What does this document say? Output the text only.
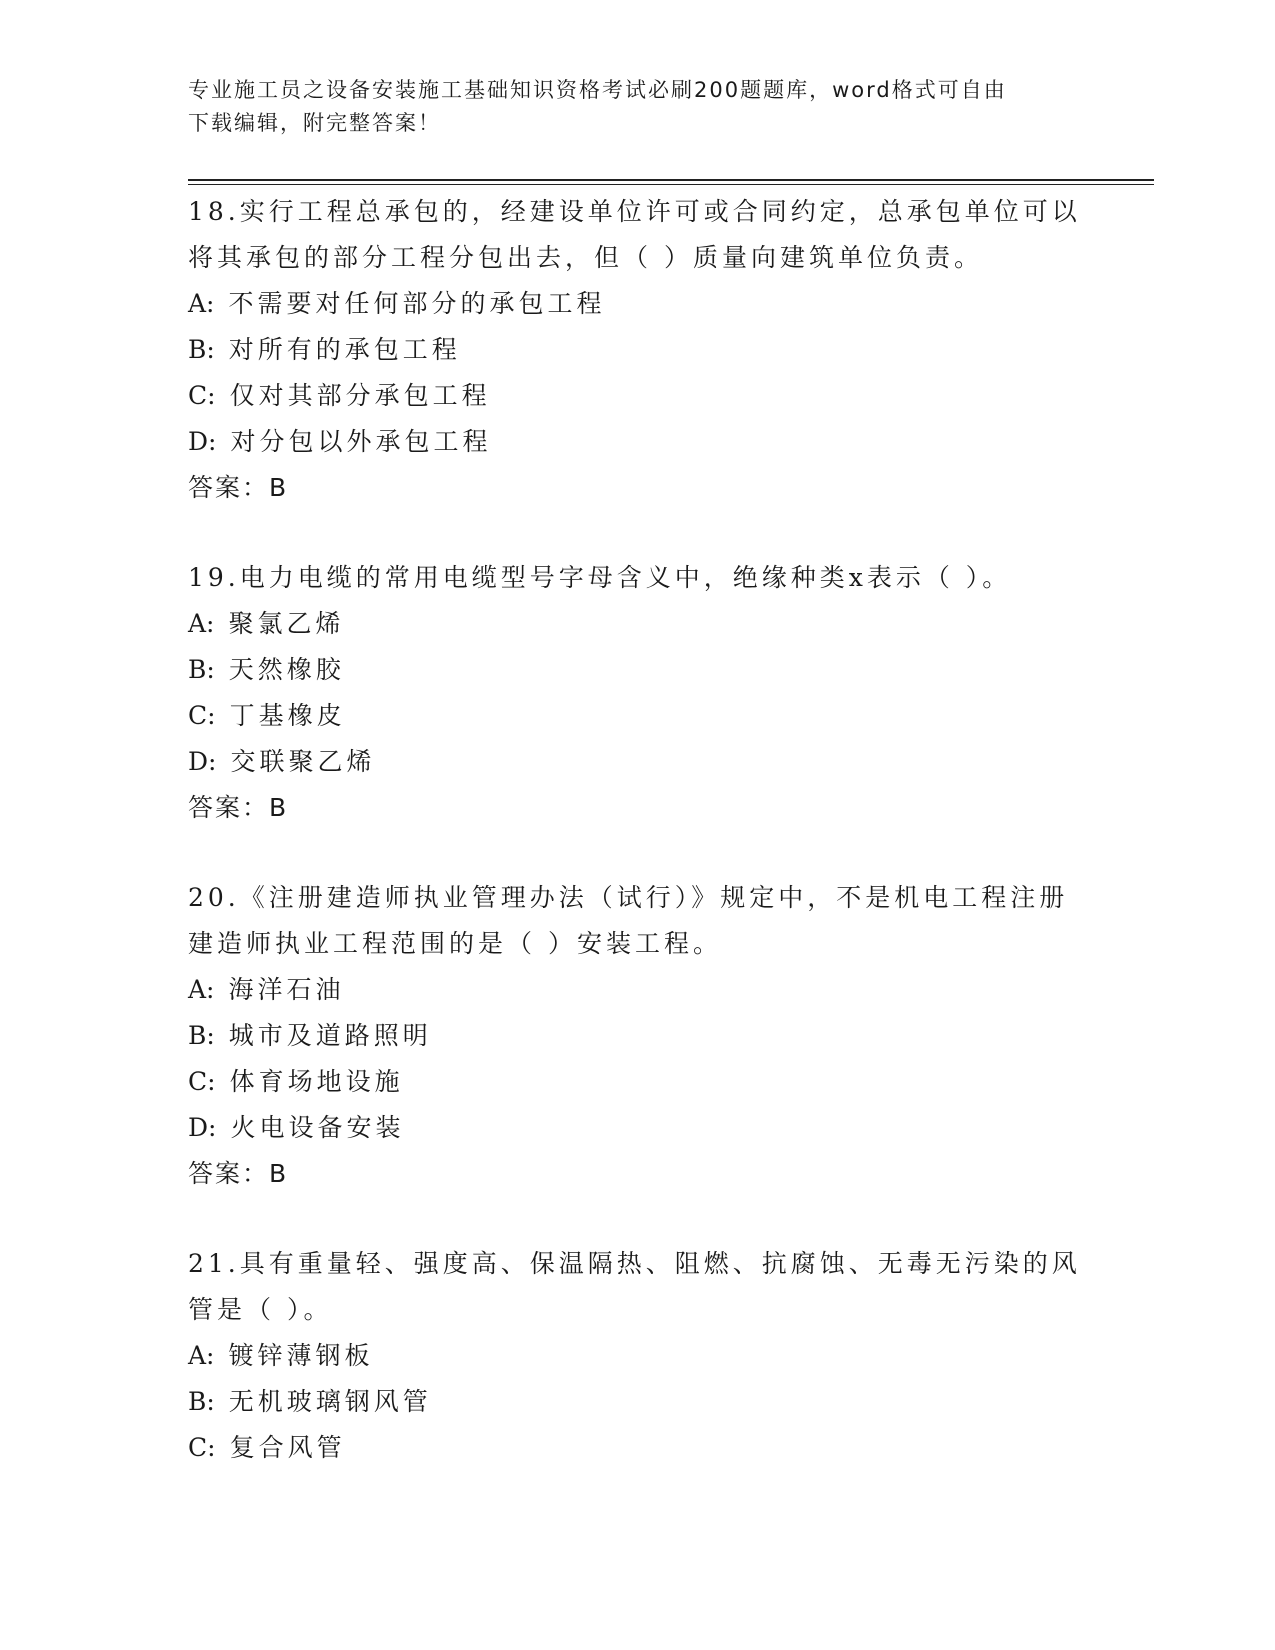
专业施工员之设备安装施工基础知识资格考试必刷200题题库，word格式可自由
下载编辑，附完整答案！

18.实行工程总承包的，经建设单位许可或合同约定，总承包单位可以

将其承包的部分工程分包出去，但（ ）质量向建筑单位负责。

A: 不需要对任何部分的承包工程

B: 对所有的承包工程

C: 仅对其部分承包工程

D: 对分包以外承包工程

答案：B

19.电力电缆的常用电缆型号字母含义中，绝缘种类x表示（ ）。

A: 聚氯乙烯

B: 天然橡胶

C: 丁基橡皮

D: 交联聚乙烯

答案：B

20.《注册建造师执业管理办法（试行）》规定中，不是机电工程注册

建造师执业工程范围的是（ ）安装工程。

A: 海洋石油

B: 城市及道路照明

C: 体育场地设施

D: 火电设备安装

答案：B

21.具有重量轻、强度高、保温隔热、阻燃、抗腐蚀、无毒无污染的风

管是（ ）。

A: 镀锌薄钢板

B: 无机玻璃钢风管

C: 复合风管
